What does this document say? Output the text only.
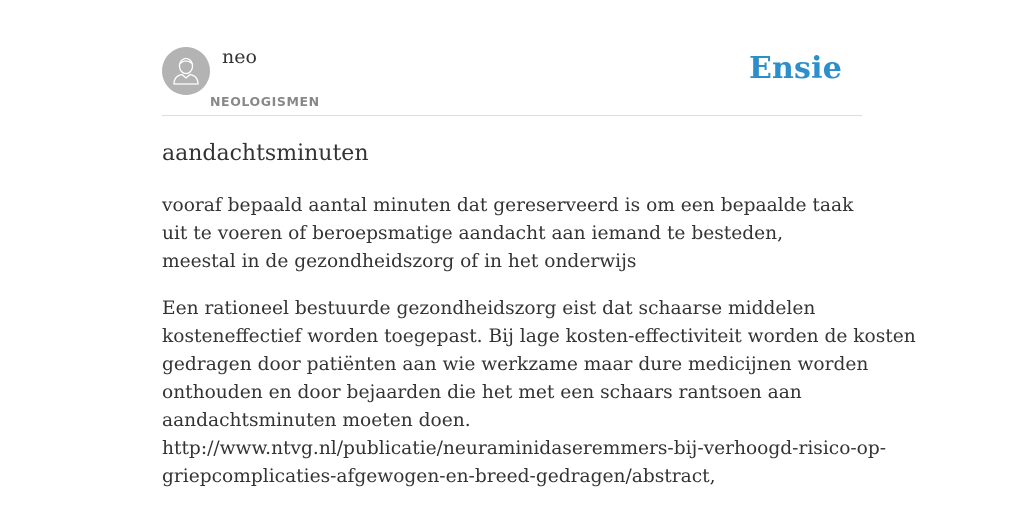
neo
NEOLOGISMEN
Ensie
aandachtsminuten

vooraf bepaald aantal minuten dat gereserveerd is om een bepaalde taak uit te voeren of beroepsmatige aandacht aan iemand te besteden, meestal in de gezondheidszorg of in het onderwijs

Een rationeel bestuurde gezondheidszorg eist dat schaarse middelen
kosteneffectief worden toegepast. Bij lage kosten-effectiviteit worden de kosten
gedragen door patiënten aan wie werkzame maar dure medicijnen worden
onthouden en door bejaarden die het met een schaars rantsoen aan
aandachtsminuten moeten doen.
http://www.ntvg.nl/publicatie/neuraminidaseremmers-bij-verhoogd-risico-op-
griepcomplicaties-afgewogen-en-breed-gedragen/abstract,
